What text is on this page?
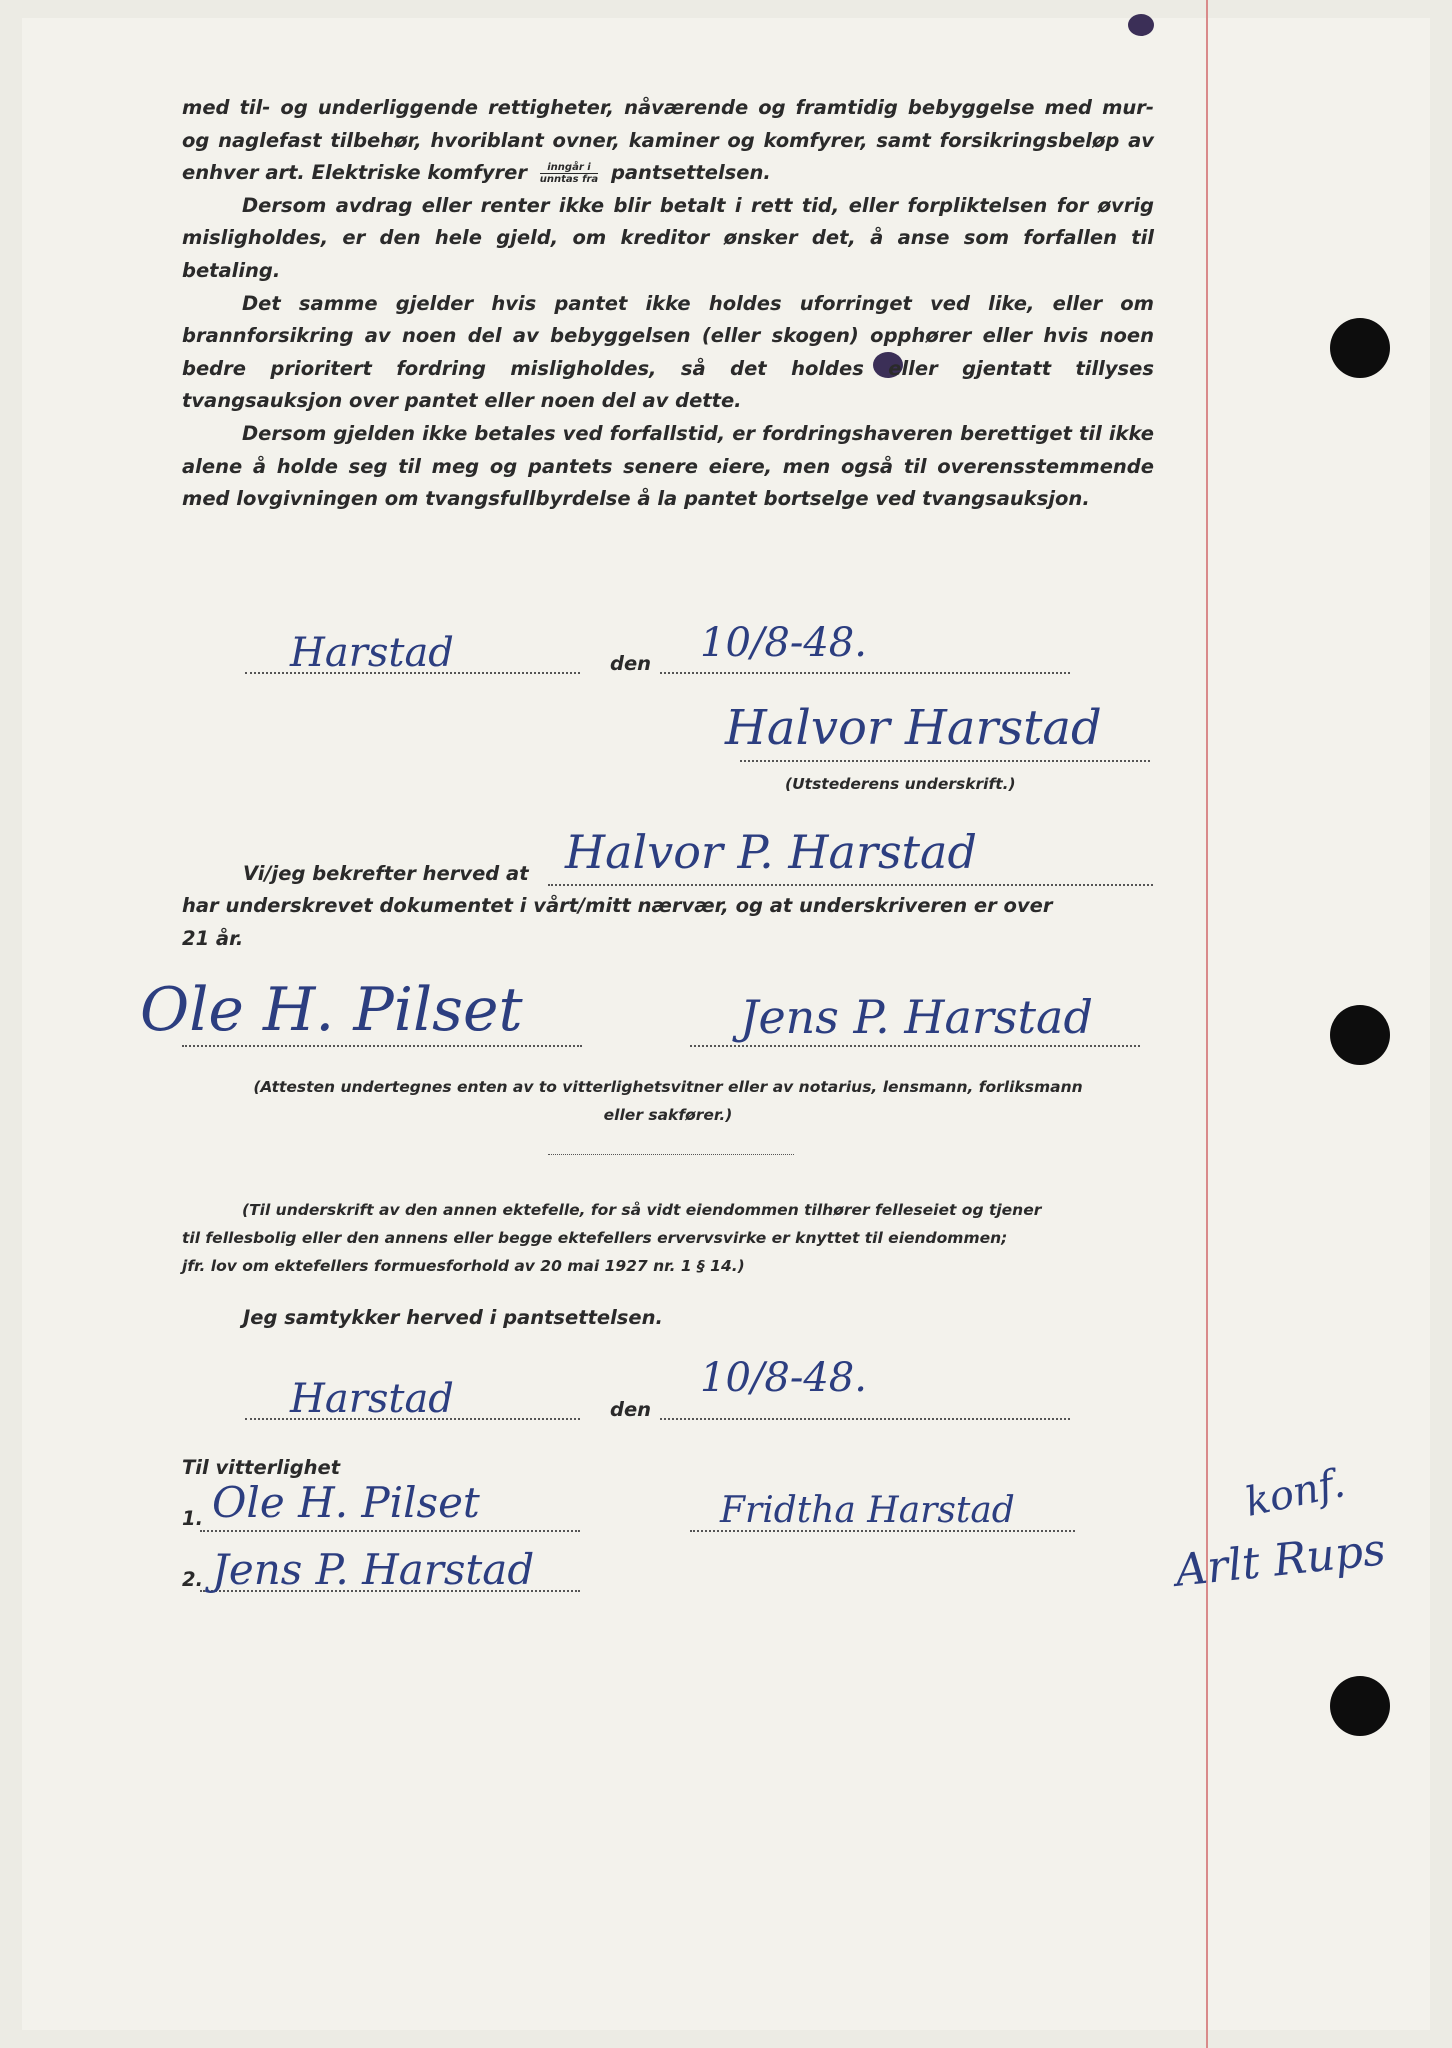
med til- og underliggende rettigheter, nåværende og framtidig bebyggelse med mur- og naglefast tilbehør, hvoriblant ovner, kaminer og komfyrer, samt forsikringsbeløp av enhver art. Elektriske komfyrer $\frac{\text{inngår i}}{\text{unntas fra}}$ pantsettelsen.

Dersom avdrag eller renter ikke blir betalt i rett tid, eller forpliktelsen for øvrig misligholdes, er den hele gjeld, om kreditor ønsker det, å anse som forfallen til betaling.

Det samme gjelder hvis pantet ikke holdes uforringet ved like, eller om brannforsikring av noen del av bebyggelsen (eller skogen) opphører eller hvis noen bedre prioritert fordring misligholdes, så det holdes eller gjentatt tillyses tvangsauksjon over pantet eller noen del av dette.

Dersom gjelden ikke betales ved forfallstid, er fordringshaveren berettiget til ikke alene å holde seg til meg og pantets senere eiere, men også til overensstemmende med lovgivningen om tvangsfullbyrdelse å la pantet bortselge ved tvangsauksjon.

Harstad	den 10/8-48.
Halvor Harstad
(Utstederens underskrift.)
Vi/jeg bekrefter herved at Halvor P. Harstad
har underskrevet dokumentet i vårt/mitt nærvær, og at underskriveren er over
21 år.
Ole H. Pilset	Jens P. Harstad
(Attesten undertegnes enten av to vitterlighetsvitner eller av notarius, lensmann, forliksmann
eller sakfører.)
(Til underskrift av den annen ektefelle, for så vidt eiendommen tilhører felleseiet og tjener
til fellesbolig eller den annens eller begge ektefellers ervervsvirke er knyttet til eiendommen;
jfr. lov om ektefellers formuesforhold av 20 mai 1927 nr. 1 § 14.)
Jeg samtykker herved i pantsettelsen.
Harstad	den
10/8-48.
Til vitterlighet
1. Ole H. Pilset
2. Jens P. Harstad
Fridtha Harstad	konf.
Arlt Rups
